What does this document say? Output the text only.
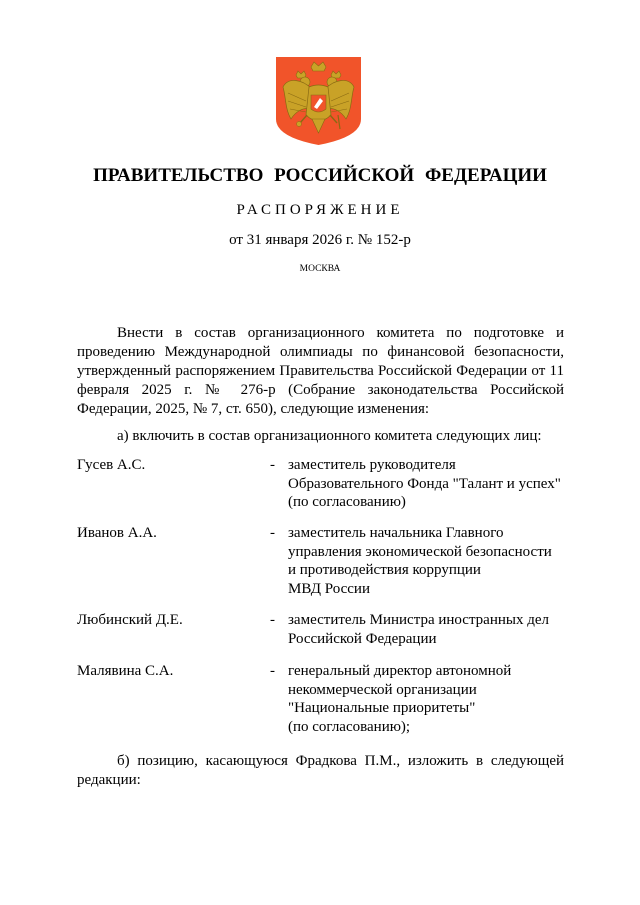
ПРАВИТЕЛЬСТВО РОССИЙСКОЙ ФЕДЕРАЦИИ
РАСПОРЯЖЕНИЕ
от 31 января 2026 г. № 152-р
МОСКВА

Внести в состав организационного комитета по подготовке и проведению Международной олимпиады по финансовой безопасности, утвержденный распоряжением Правительства Российской Федерации от 11 февраля 2025 г. № 276-р (Собрание законодательства Российской Федерации, 2025, № 7, ст. 650), следующие изменения:

а) включить в состав организационного комитета следующих лиц:

Гусев А.С.	- заместитель руководителя
Образовательного Фонда "Талант и успех"
(по согласованию)
Иванов А.А.	- заместитель начальника Главного
управления экономической безопасности
и противодействия коррупции
МВД России
Любинский Д.Е.	- заместитель Министра иностранных дел
Российской Федерации
Малявина С.А.	- генеральный директор автономной
некоммерческой организации
"Национальные приоритеты"
(по согласованию);

б) позицию, касающуюся Фрадкова П.М., изложить в следующей редакции:
